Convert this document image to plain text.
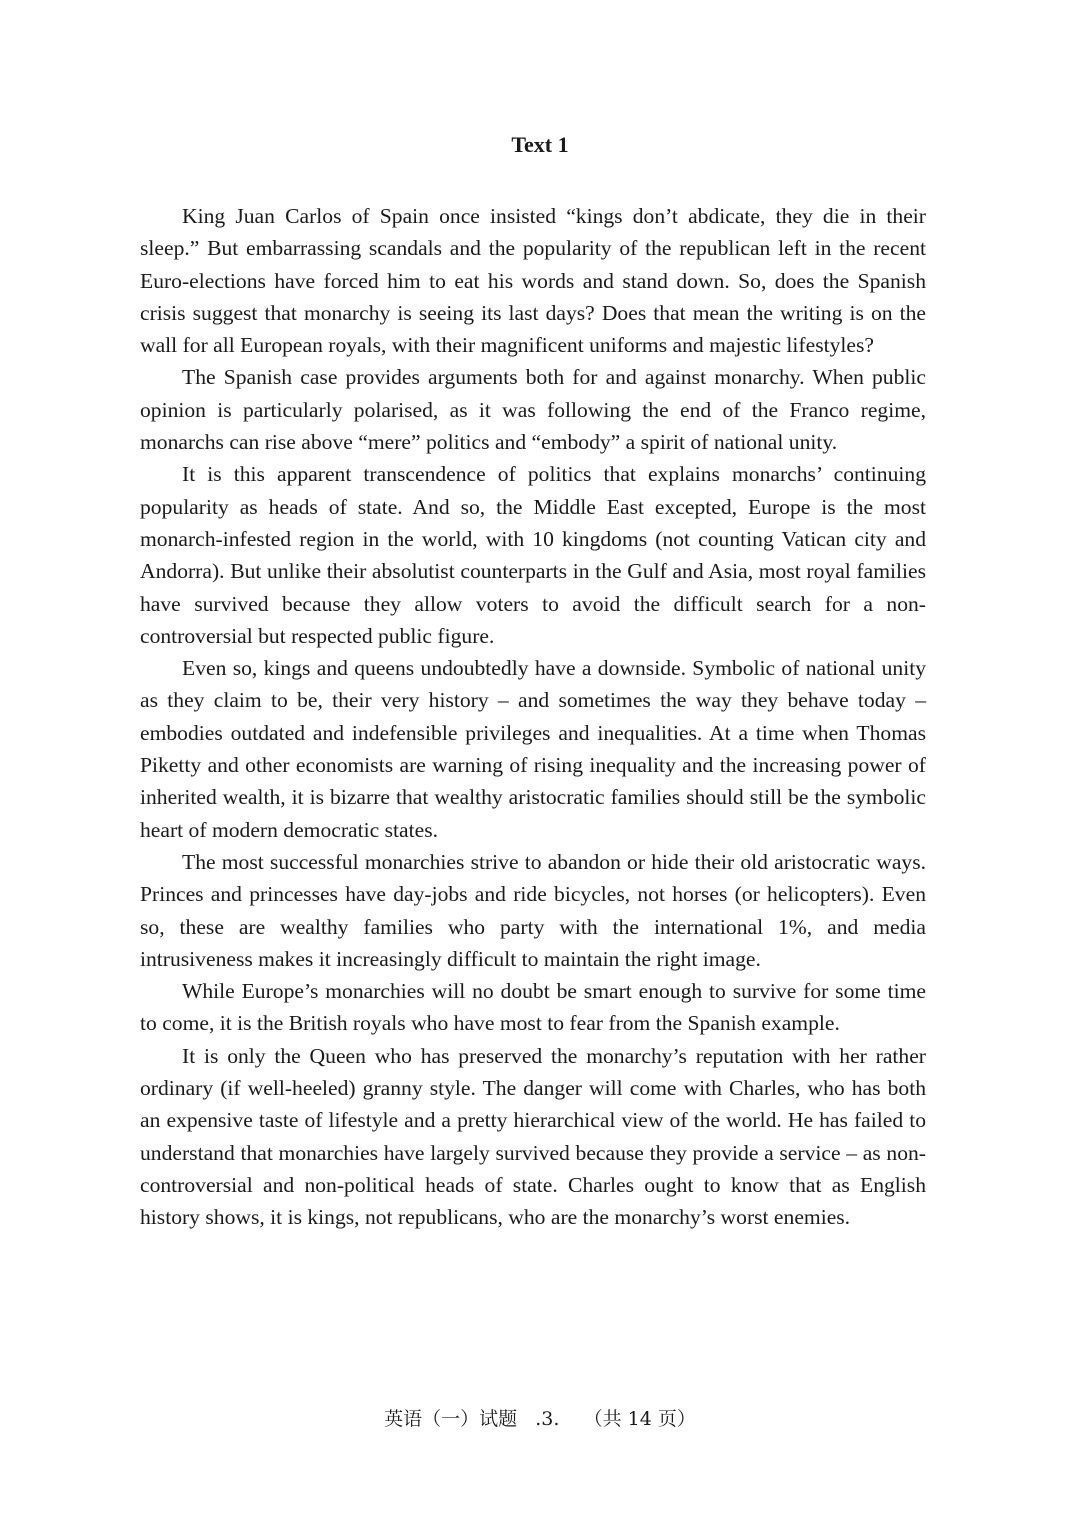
Text 1

King Juan Carlos of Spain once insisted “kings don’t abdicate, they die in their sleep.” But embarrassing scandals and the popularity of the republican left in the recent Euro-elections have forced him to eat his words and stand down. So, does the Spanish crisis suggest that monarchy is seeing its last days? Does that mean the writing is on the wall for all European royals, with their magnificent uniforms and majestic lifestyles?

The Spanish case provides arguments both for and against monarchy. When public opinion is particularly polarised, as it was following the end of the Franco regime, monarchs can rise above “mere” politics and “embody” a spirit of national unity.

It is this apparent transcendence of politics that explains monarchs’ continuing popularity as heads of state. And so, the Middle East excepted, Europe is the most monarch-infested region in the world, with 10 kingdoms (not counting Vatican city and Andorra). But unlike their absolutist counterparts in the Gulf and Asia, most royal families have survived because they allow voters to avoid the difficult search for a non-controversial but respected public figure.

Even so, kings and queens undoubtedly have a downside. Symbolic of national unity as they claim to be, their very history – and sometimes the way they behave today – embodies outdated and indefensible privileges and inequalities. At a time when Thomas Piketty and other economists are warning of rising inequality and the increasing power of inherited wealth, it is bizarre that wealthy aristocratic families should still be the symbolic heart of modern democratic states.

The most successful monarchies strive to abandon or hide their old aristocratic ways. Princes and princesses have day-jobs and ride bicycles, not horses (or helicopters). Even so, these are wealthy families who party with the international 1%, and media intrusiveness makes it increasingly difficult to maintain the right image.

While Europe’s monarchies will no doubt be smart enough to survive for some time to come, it is the British royals who have most to fear from the Spanish example.

It is only the Queen who has preserved the monarchy’s reputation with her rather ordinary (if well-heeled) granny style. The danger will come with Charles, who has both an expensive taste of lifestyle and a pretty hierarchical view of the world. He has failed to understand that monarchies have largely survived because they provide a service – as non-controversial and non-political heads of state. Charles ought to know that as English history shows, it is kings, not republicans, who are the monarchy’s worst enemies.

英语（一）试题   .3.    （共 14 页）
